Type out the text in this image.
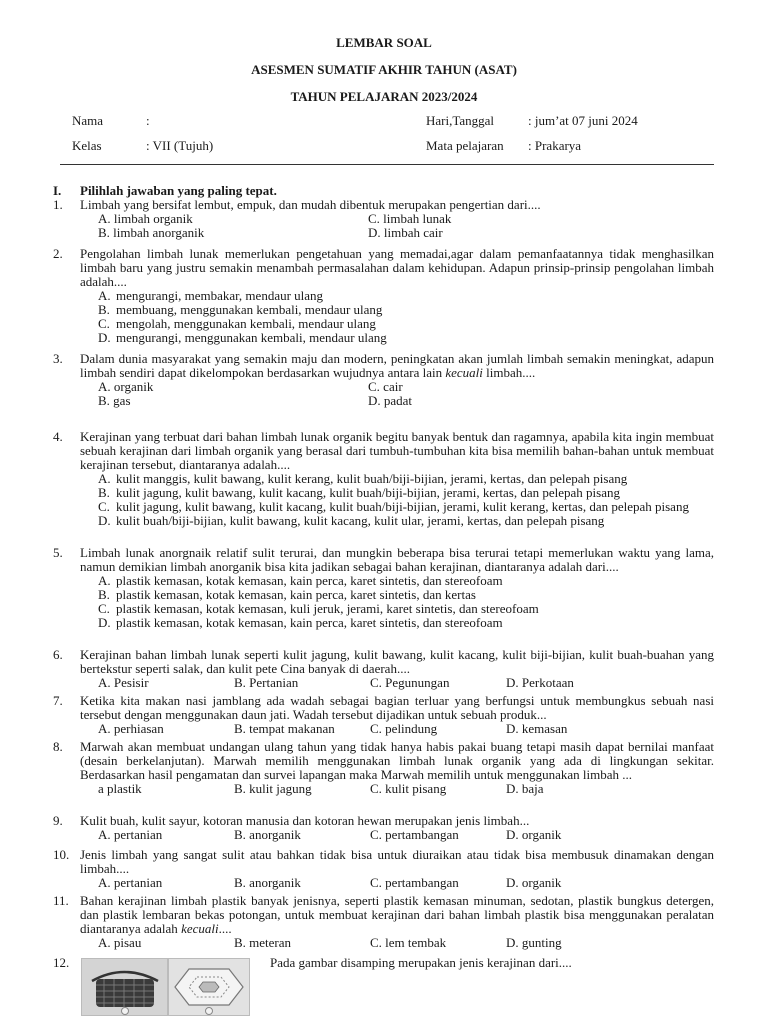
LEMBAR SOAL
ASESMEN SUMATIF AKHIR TAHUN (ASAT)
TAHUN PELAJARAN 2023/2024
Nama	:	Hari,Tanggal	: jum’at 07 juni 2024
Kelas	: VII (Tujuh)	Mata pelajaran : Prakarya
I. Pilihlah jawaban yang paling tepat.
1. Limbah yang bersifat lembut, empuk, dan mudah dibentuk merupakan pengertian dari....
A. limbah organik	C. limbah lunak
B. limbah anorganik	D. limbah cair
2. Pengolahan limbah lunak memerlukan pengetahuan yang memadai,agar dalam pemanfaatannya tidak menghasilkan limbah baru yang justru semakin menambah permasalahan dalam kehidupan. Adapun prinsip-prinsip pengolahan limbah adalah....
A. mengurangi, membakar, mendaur ulang
B. membuang, menggunakan kembali, mendaur ulang
C. mengolah, menggunakan kembali, mendaur ulang
D. mengurangi, menggunakan kembali, mendaur ulang
3. Dalam dunia masyarakat yang semakin maju dan modern, peningkatan akan jumlah limbah semakin meningkat, adapun limbah sendiri dapat dikelompokan berdasarkan wujudnya antara lain kecuali limbah....
A. organik	C. cair
B. gas	D. padat
4. Kerajinan yang terbuat dari bahan limbah lunak organik begitu banyak bentuk dan ragamnya, apabila kita ingin membuat sebuah kerajinan dari limbah organik yang berasal dari tumbuh-tumbuhan kita bisa memilih bahan-bahan untuk membuat kerajinan tersebut, diantaranya adalah....
A. kulit manggis, kulit bawang, kulit kerang, kulit buah/biji-bijian, jerami, kertas, dan pelepah pisang
B. kulit jagung, kulit bawang, kulit kacang, kulit buah/biji-bijian, jerami, kertas, dan pelepah pisang
C. kulit jagung, kulit bawang, kulit kacang, kulit buah/biji-bijian, jerami, kulit kerang, kertas, dan pelepah pisang
D. kulit buah/biji-bijian, kulit bawang, kulit kacang, kulit ular, jerami, kertas, dan pelepah pisang
5. Limbah lunak anorgnaik relatif sulit terurai, dan mungkin beberapa bisa terurai tetapi memerlukan waktu yang lama, namun demikian limbah anorganik bisa kita jadikan sebagai bahan kerajinan, diantaranya adalah dari....
A. plastik kemasan, kotak kemasan, kain perca, karet sintetis, dan stereofoam
B. plastik kemasan, kotak kemasan, kain perca, karet sintetis, dan kertas
C. plastik kemasan, kotak kemasan, kuli jeruk, jerami, karet sintetis, dan stereofoam
D. plastik kemasan, kotak kemasan, kain perca, karet sintetis, dan stereofoam
6. Kerajinan bahan limbah lunak seperti kulit jagung, kulit bawang, kulit kacang, kulit biji-bijian, kulit buah-buahan yang bertekstur seperti salak, dan kulit pete Cina banyak di daerah....
A. Pesisir	B. Pertanian	C. Pegunungan	D. Perkotaan
7. Ketika kita makan nasi jamblang ada wadah sebagai bagian terluar yang berfungsi untuk membungkus sebuah nasi tersebut dengan menggunakan daun jati. Wadah tersebut dijadikan untuk sebuah produk...
A. perhiasan	B. tempat makanan	C. pelindung	D. kemasan
8. Marwah akan membuat undangan ulang tahun yang tidak hanya habis pakai buang tetapi masih dapat bernilai manfaat (desain berkelanjutan). Marwah memilih menggunakan limbah lunak organik yang ada di lingkungan sekitar. Berdasarkan hasil pengamatan dan survei lapangan maka Marwah memilih untuk menggunakan limbah ...
a plastik	B. kulit jagung	C. kulit pisang	D. baja
9. Kulit buah, kulit sayur, kotoran manusia dan kotoran hewan merupakan jenis limbah...
A. pertanian	B. anorganik	C. pertambangan	D. organik
10. Jenis limbah yang sangat sulit atau bahkan tidak bisa untuk diuraikan atau tidak bisa membusuk dinamakan dengan limbah....
A. pertanian	B. anorganik	C. pertambangan	D. organik
11. Bahan kerajinan limbah plastik banyak jenisnya, seperti plastik kemasan minuman, sedotan, plastik bungkus detergen, dan plastik lembaran bekas potongan, untuk membuat kerajinan dari bahan limbah plastik bisa menggunakan peralatan diantaranya adalah kecuali....
A. pisau	B. meteran	C. lem tembak	D. gunting
12.	Pada gambar disamping merupakan jenis kerajinan dari....
